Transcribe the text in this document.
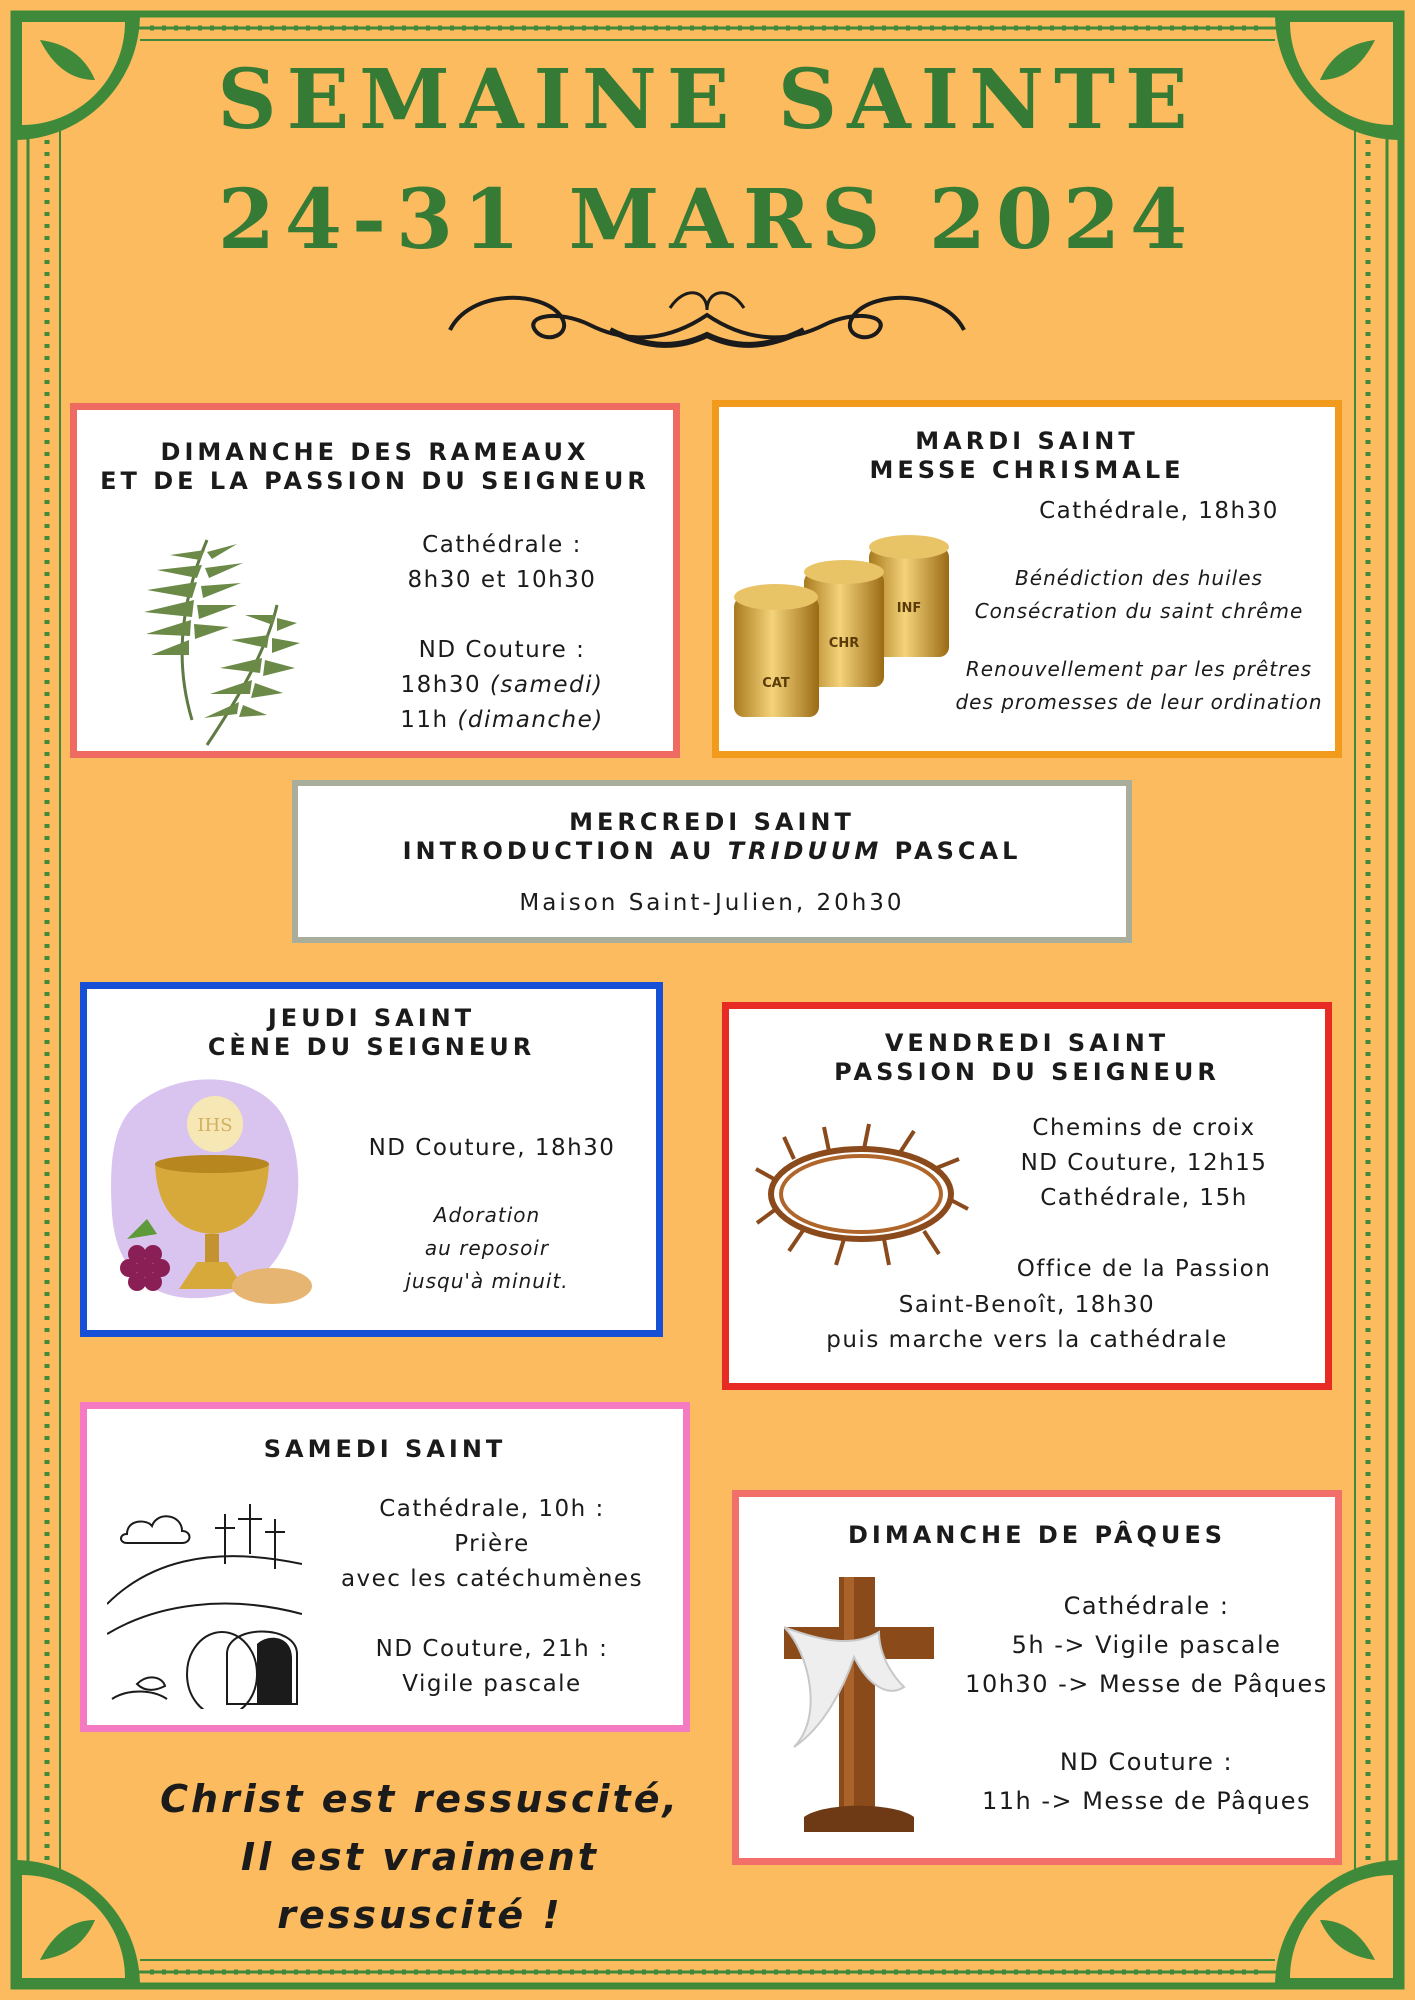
SEMAINE SAINTE
24-31 MARS 2024
DIMANCHE DES RAMEAUX
ET DE LA PASSION DU SEIGNEUR
Cathédrale :
8h30 et 10h30
ND Couture :
18h30 (samedi)
11h (dimanche)
MARDI SAINT
MESSE CHRISMALE
INF
CHR
CAT
Cathédrale, 18h30
Bénédiction des huiles
Consécration du saint chrême
Renouvellement par les prêtres
des promesses de leur ordination
MERCREDI SAINT
INTRODUCTION AU TRIDUUM PASCAL
Maison Saint-Julien, 20h30
JEUDI SAINT
CÈNE DU SEIGNEUR
IHS
ND Couture, 18h30
Adoration
au reposoir
jusqu'à minuit.
VENDREDI SAINT
PASSION DU SEIGNEUR
Chemins de croix
ND Couture, 12h15
Cathédrale, 15h
Office de la Passion
Saint-Benoît, 18h30
puis marche vers la cathédrale
SAMEDI SAINT
Cathédrale, 10h :
Prière
avec les catéchumènes
ND Couture, 21h :
Vigile pascale
DIMANCHE DE PÂQUES
Cathédrale :
5h -> Vigile pascale
10h30 -> Messe de Pâques
ND Couture :
11h -> Messe de Pâques
Christ est ressuscité,
Il est vraiment ressuscité !
